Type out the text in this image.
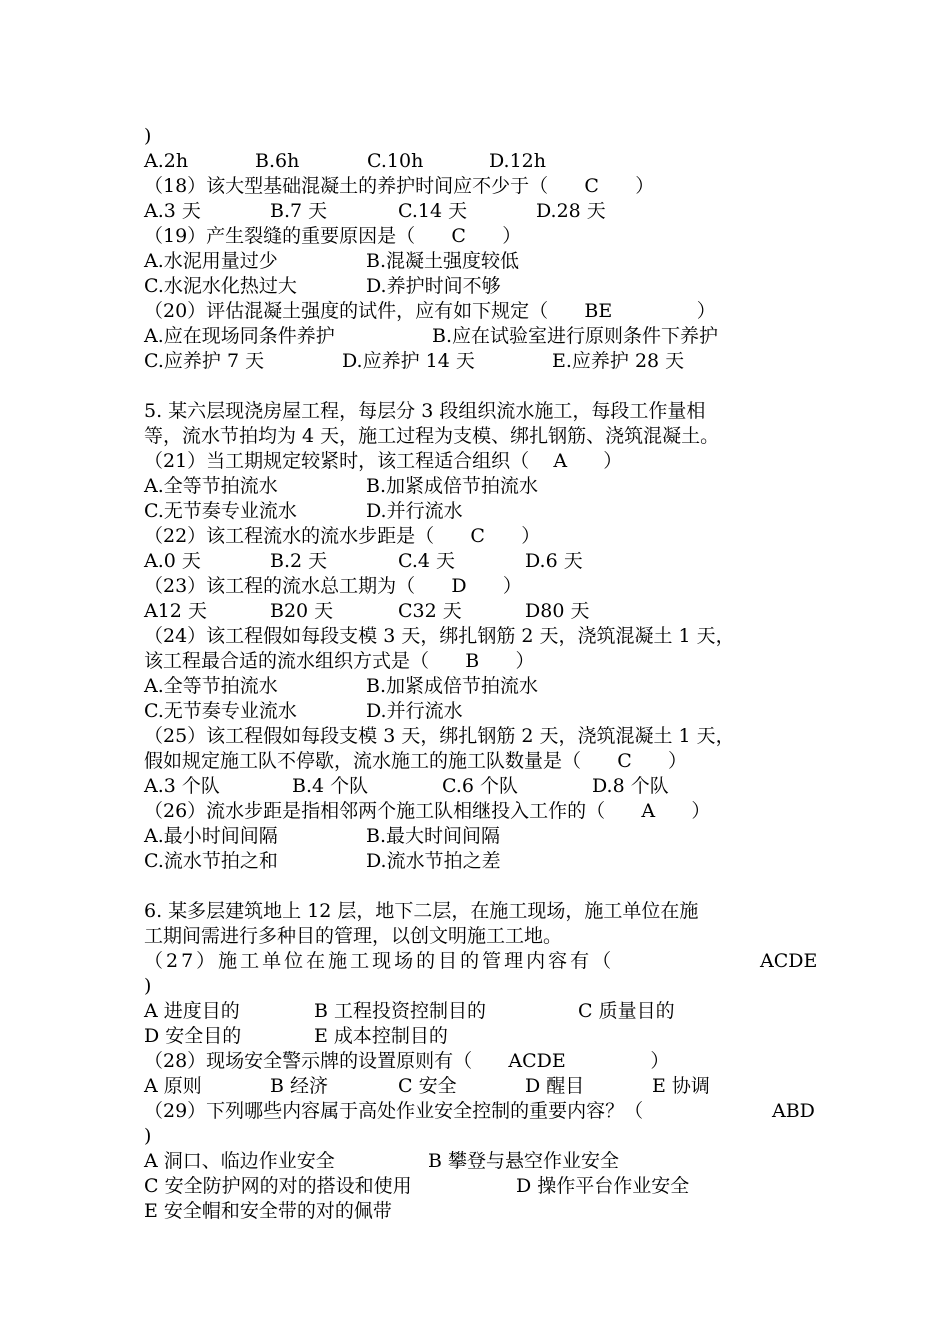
)

A.2h

	B.6h

	C.10h

	D.12h

（18）该大型基础混凝土的养护时间应不少于（      C      ）

A.3 天

	B.7 天

	C.14 天

	D.28 天

（19）产生裂缝的重要原因是（      C      ）

A.水泥用量过少

	B.混凝土强度较低

C.水泥水化热过大

	D.养护时间不够

（20）评估混凝土强度的试件，应有如下规定（      BE              ）

A.应在现场同条件养护

	B.应在试验室进行原则条件下养护

C.应养护 7 天

	D.应养护 14 天

	E.应养护 28 天

5. 某六层现浇房屋工程，每层分 3 段组织流水施工，每段工作量相

等，流水节拍均为 4 天，施工过程为支模、绑扎钢筋、浇筑混凝土。

（21）当工期规定较紧时，该工程适合组织（    A      ）

A.全等节拍流水

	B.加紧成倍节拍流水

C.无节奏专业流水

	D.并行流水

（22）该工程流水的流水步距是（      C      ）

A.0 天

	B.2 天

	C.4 天

	D.6 天

（23）该工程的流水总工期为（      D      ）

A12 天

	B20 天

	C32 天

	D80 天

（24）该工程假如每段支模 3 天，绑扎钢筋 2 天，浇筑混凝土 1 天，

该工程最合适的流水组织方式是（      B      ）

A.全等节拍流水

	B.加紧成倍节拍流水

C.无节奏专业流水

	D.并行流水

（25）该工程假如每段支模 3 天，绑扎钢筋 2 天，浇筑混凝土 1 天，

假如规定施工队不停歇，流水施工的施工队数量是（      C      ）

A.3 个队

	B.4 个队

	C.6 个队

	D.8 个队

（26）流水步距是指相邻两个施工队相继投入工作的（      A      ）

A.最小时间间隔

	B.最大时间间隔

C.流水节拍之和

	D.流水节拍之差

6. 某多层建筑地上 12 层，地下二层，在施工现场，施工单位在施

工期间需进行多种目的管理，以创文明施工工地。

（27）施工单位在施工现场的目的管理内容有（

	ACDE

)

A 进度目的

	B 工程投资控制目的

	C 质量目的

D 安全目的

	E 成本控制目的

（28）现场安全警示牌的设置原则有（      ACDE              ）

A 原则

	B 经济

	C 安全

	D 醒目

	E 协调

（29）下列哪些内容属于高处作业安全控制的重要内容？（

	ABD

)

A 洞口、临边作业安全

	B 攀登与悬空作业安全

C 安全防护网的对的搭设和使用

	D 操作平台作业安全

E 安全帽和安全带的对的佩带
